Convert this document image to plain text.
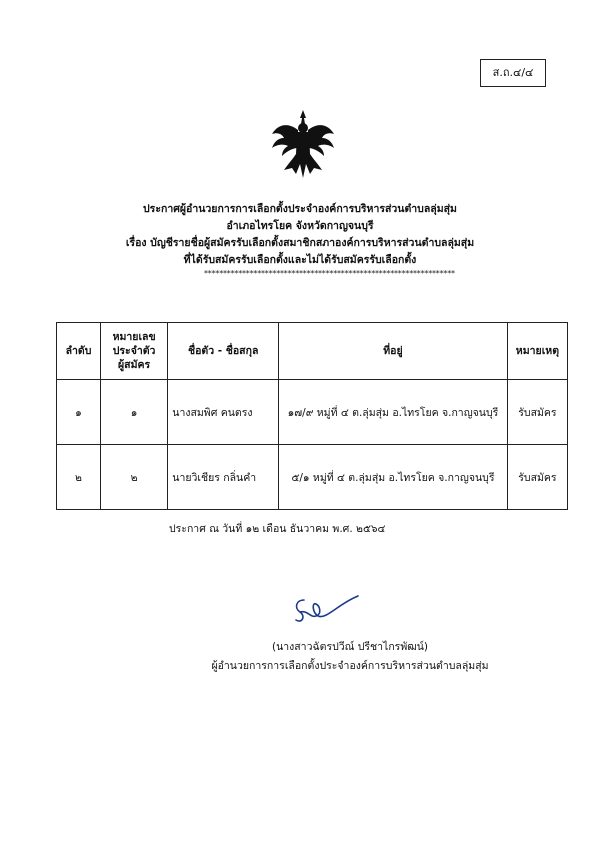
ส.ถ.๔/๔
ประกาศผู้อำนวยการการเลือกตั้งประจำองค์การบริหารส่วนตำบลลุ่มสุ่ม
อำเภอไทรโยค จังหวัดกาญจนบุรี
เรื่อง บัญชีรายชื่อผู้สมัครรับเลือกตั้งสมาชิกสภาองค์การบริหารส่วนตำบลลุ่มสุ่ม
ที่ได้รับสมัครรับเลือกตั้งและไม่ได้รับสมัครรับเลือกตั้ง
******************************************************************
ลำดับ	หมายเลข
ประจำตัว
ผู้สมัคร	ชื่อตัว - ชื่อสกุล	ที่อยู่	หมายเหตุ
๑	๑	นางสมพิศ คนตรง	๑๗/๙ หมู่ที่ ๔ ต.ลุ่มสุ่ม อ.ไทรโยค จ.กาญจนบุรี	รับสมัคร
๒	๒	นายวิเชียร กลิ่นคำ	๕/๑ หมู่ที่ ๔ ต.ลุ่มสุ่ม อ.ไทรโยค จ.กาญจนบุรี	รับสมัคร
ประกาศ ณ วันที่ ๑๒ เดือน ธันวาคม พ.ศ. ๒๕๖๔
(นางสาวฉัตรปวีณ์ ปรีชาไกรพัฒน์)
ผู้อำนวยการการเลือกตั้งประจำองค์การบริหารส่วนตำบลลุ่มสุ่ม
